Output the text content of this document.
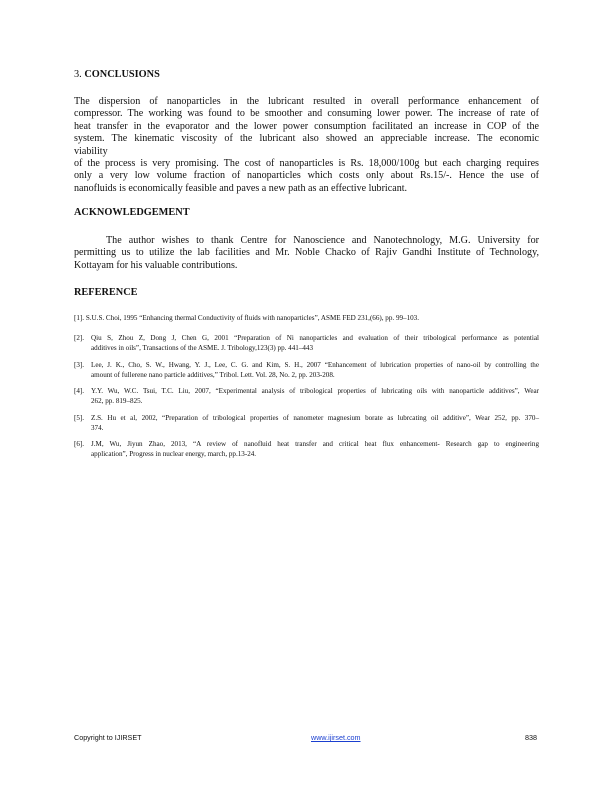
3. CONCLUSIONS
The dispersion of nanoparticles in the lubricant resulted in overall performance enhancement of
compressor. The working was found to be smoother and consuming lower power. The increase of rate of
heat transfer in the evaporator and the lower power consumption facilitated an increase in COP of the
system. The kinematic viscosity of the lubricant also showed an appreciable increase. The economic
viability
of the process is very promising. The cost of nanoparticles is Rs. 18,000/100g but each charging requires
only a very low volume fraction of nanoparticles which costs only about Rs.15/-. Hence the use of
nanofluids is economically feasible and paves a new path as an effective lubricant.
ACKNOWLEDGEMENT
The author wishes to thank Centre for Nanoscience and Nanotechnology, M.G. University for
permitting us to utilize the lab facilities and Mr. Noble Chacko of Rajiv Gandhi Institute of Technology,
Kottayam for his valuable contributions.
REFERENCE
[1]. S.U.S. Choi, 1995 “Enhancing thermal Conductivity of fluids with nanoparticles”, ASME FED 231,(66), pp. 99–103.
[2]. Qiu S, Zhou Z, Dong J, Chen G, 2001 “Preparation of Ni nanoparticles and evaluation of their tribological performance as potential
additives in oils”, Transactions of the ASME. J. Tribology,123(3) pp. 441–443
[3]. Lee, J. K., Cho, S. W., Hwang, Y. J., Lee, C. G. and Kim, S. H., 2007 “Enhancement of lubrication properties of nano-oil by controlling the
amount of fullerene nano particle additives,” Tribol. Lett. Vol. 28, No. 2, pp. 203-208.
[4]. Y.Y. Wu, W.C. Tsui, T.C. Liu, 2007, “Experimental analysis of tribological properties of lubricating oils with nanoparticle additives”, Wear
262, pp. 819–825.
[5]. Z.S. Hu et al, 2002, “Preparation of tribological properties of nanometer magnesium borate as lubrcating oil additive”, Wear 252, pp. 370–
374.
[6]. J.M, Wu, Jiyun Zhao, 2013, “A review of nanofluid heat transfer and critical heat flux enhancement- Research gap to engineering
application”, Progress in nuclear energy, march, pp.13-24.
Copyright to IJIRSET	www.ijirset.com	838
